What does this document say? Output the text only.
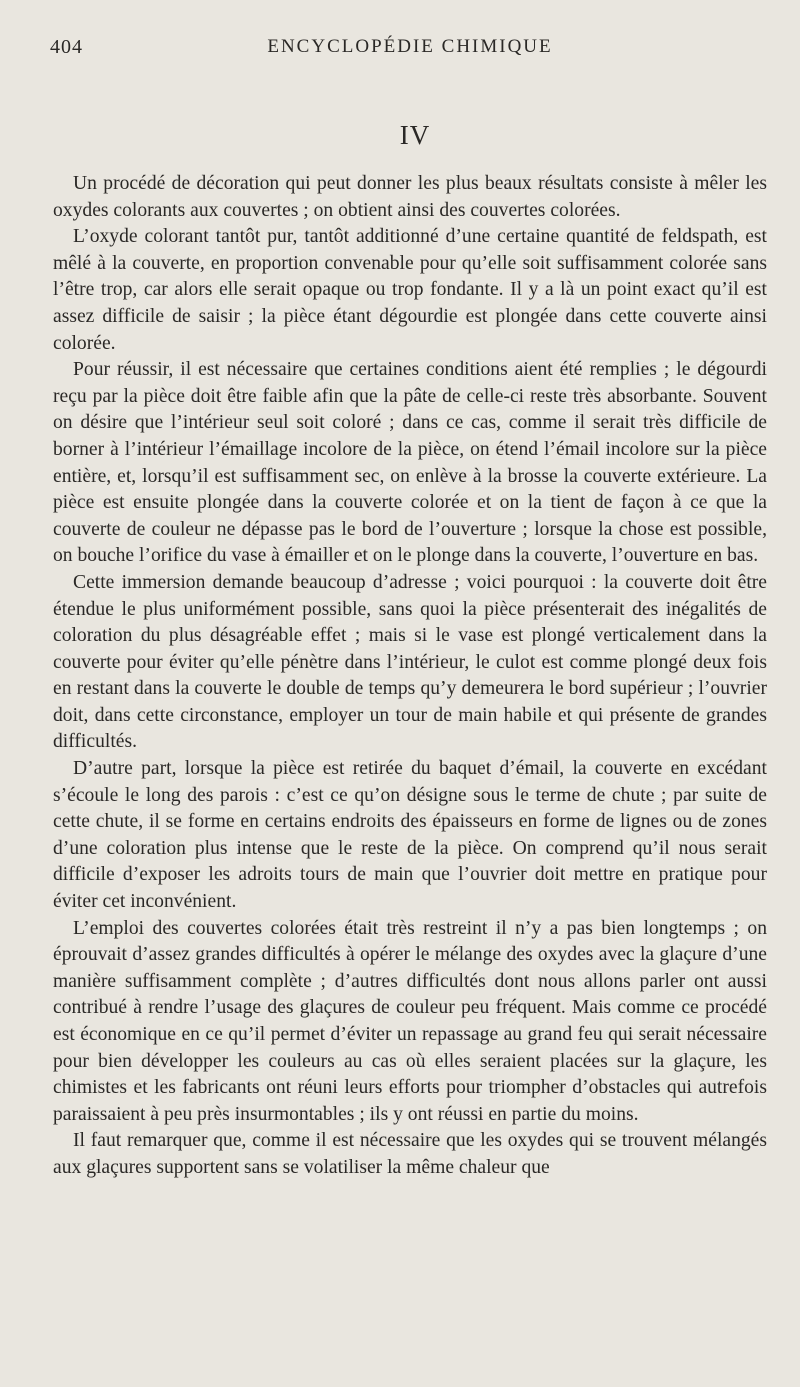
404	ENCYCLOPÉDIE CHIMIQUE
IV

Un procédé de décoration qui peut donner les plus beaux résultats consiste à mêler les oxydes colorants aux couvertes ; on obtient ainsi des couvertes colorées.

L’oxyde colorant tantôt pur, tantôt additionné d’une certaine quantité de feldspath, est mêlé à la couverte, en proportion convenable pour qu’elle soit suffisamment colorée sans l’être trop, car alors elle serait opaque ou trop fondante. Il y a là un point exact qu’il est assez difficile de saisir ; la pièce étant dégourdie est plongée dans cette couverte ainsi colorée.

Pour réussir, il est nécessaire que certaines conditions aient été remplies ; le dégourdi reçu par la pièce doit être faible afin que la pâte de celle-ci reste très absorbante. Souvent on désire que l’intérieur seul soit coloré ; dans ce cas, comme il serait très difficile de borner à l’intérieur l’émaillage incolore de la pièce, on étend l’émail incolore sur la pièce entière, et, lorsqu’il est suffisamment sec, on enlève à la brosse la couverte extérieure. La pièce est ensuite plongée dans la couverte colorée et on la tient de façon à ce que la couverte de couleur ne dépasse pas le bord de l’ouverture ; lorsque la chose est possible, on bouche l’orifice du vase à émailler et on le plonge dans la couverte, l’ouverture en bas.

Cette immersion demande beaucoup d’adresse ; voici pourquoi : la couverte doit être étendue le plus uniformément possible, sans quoi la pièce présenterait des inégalités de coloration du plus désagréable effet ; mais si le vase est plongé verticalement dans la couverte pour éviter qu’elle pénètre dans l’intérieur, le culot est comme plongé deux fois en restant dans la couverte le double de temps qu’y demeurera le bord supérieur ; l’ouvrier doit, dans cette circonstance, employer un tour de main habile et qui présente de grandes difficultés.

D’autre part, lorsque la pièce est retirée du baquet d’émail, la couverte en excédant s’écoule le long des parois : c’est ce qu’on désigne sous le terme de chute ; par suite de cette chute, il se forme en certains endroits des épaisseurs en forme de lignes ou de zones d’une coloration plus intense que le reste de la pièce. On comprend qu’il nous serait difficile d’exposer les adroits tours de main que l’ouvrier doit mettre en pratique pour éviter cet inconvénient.

L’emploi des couvertes colorées était très restreint il n’y a pas bien longtemps ; on éprouvait d’assez grandes difficultés à opérer le mélange des oxydes avec la glaçure d’une manière suffisamment complète ; d’autres difficultés dont nous allons parler ont aussi contribué à rendre l’usage des glaçures de couleur peu fréquent. Mais comme ce procédé est économique en ce qu’il permet d’éviter un repassage au grand feu qui serait nécessaire pour bien développer les couleurs au cas où elles seraient placées sur la glaçure, les chimistes et les fabricants ont réuni leurs efforts pour triompher d’obstacles qui autrefois paraissaient à peu près insurmontables ; ils y ont réussi en partie du moins.

Il faut remarquer que, comme il est nécessaire que les oxydes qui se trouvent mélangés aux glaçures supportent sans se volatiliser la même chaleur que
